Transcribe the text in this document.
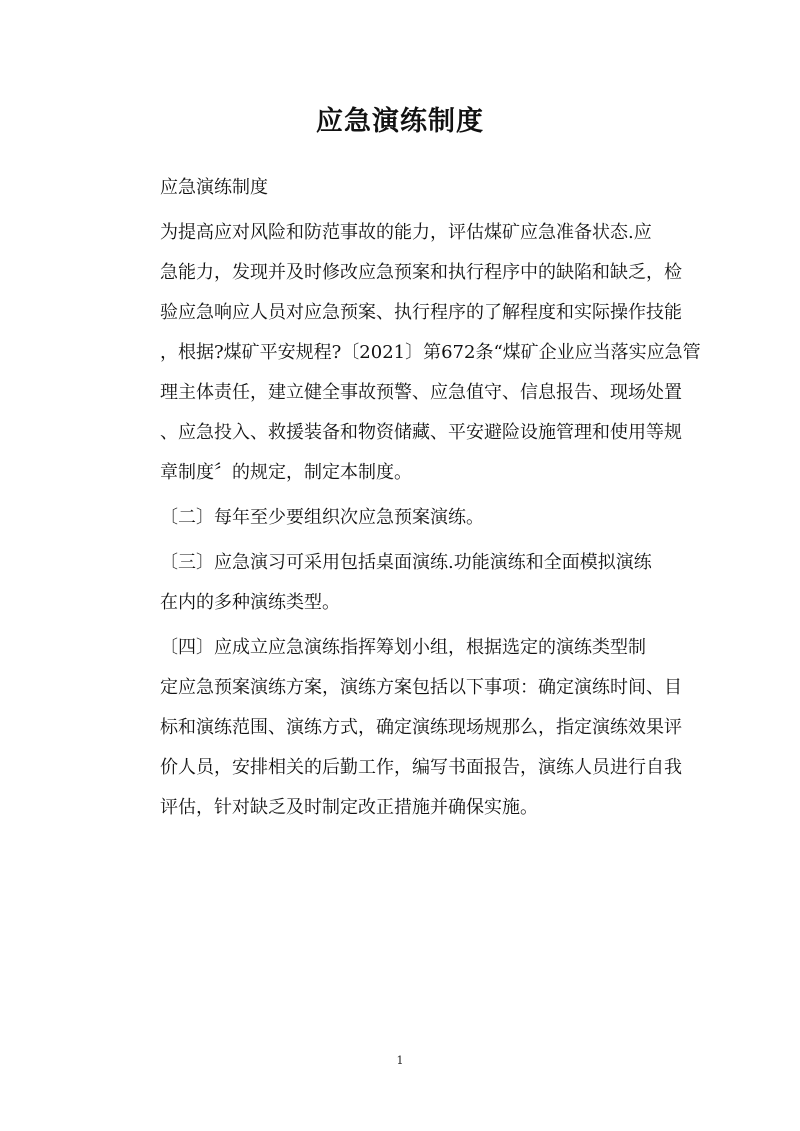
应急演练制度

应急演练制度

为提高应对风险和防范事故的能力，评估煤矿应急准备状态.应
急能力，发现并及时修改应急预案和执行程序中的缺陷和缺乏，检
验应急响应人员对应急预案、执行程序的了解程度和实际操作技能
，根据?煤矿平安规程?〔2021〕第672条“煤矿企业应当落实应急管
理主体责任，建立健全事故预警、应急值守、信息报告、现场处置
、应急投入、救援装备和物资储藏、平安避险设施管理和使用等规
章制度〞的规定，制定本制度。

〔二〕每年至少要组织次应急预案演练。

〔三〕应急演习可采用包括桌面演练.功能演练和全面模拟演练
在内的多种演练类型。

〔四〕应成立应急演练指挥筹划小组，根据选定的演练类型制
定应急预案演练方案，演练方案包括以下事项：确定演练时间、目
标和演练范围、演练方式，确定演练现场规那么，指定演练效果评
价人员，安排相关的后勤工作，编写书面报告，演练人员进行自我
评估，针对缺乏及时制定改正措施并确保实施。

1
